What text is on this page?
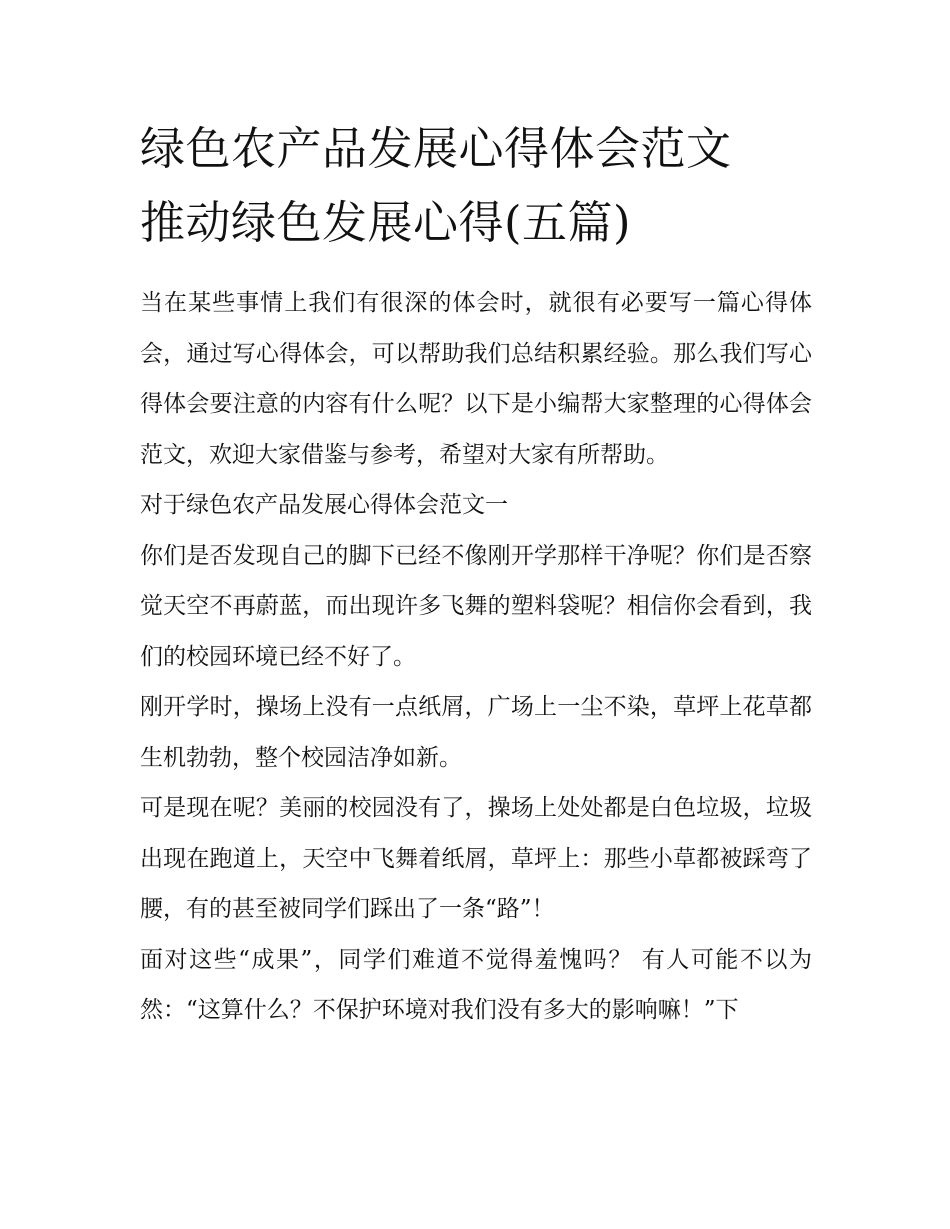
绿色农产品发展心得体会范文
推动绿色发展心得(五篇)

当在某些事情上我们有很深的体会时，就很有必要写一篇心得体会，通过写心得体会，可以帮助我们总结积累经验。那么我们写心得体会要注意的内容有什么呢？以下是小编帮大家整理的心得体会范文，欢迎大家借鉴与参考，希望对大家有所帮助。

对于绿色农产品发展心得体会范文一

你们是否发现自己的脚下已经不像刚开学那样干净呢？你们是否察觉天空不再蔚蓝，而出现许多飞舞的塑料袋呢？相信你会看到，我们的校园环境已经不好了。

刚开学时，操场上没有一点纸屑，广场上一尘不染，草坪上花草都生机勃勃，整个校园洁净如新。

可是现在呢？美丽的校园没有了，操场上处处都是白色垃圾，垃圾出现在跑道上，天空中飞舞着纸屑，草坪上：那些小草都被踩弯了腰，有的甚至被同学们踩出了一条“路”！

面对这些“成果”，同学们难道不觉得羞愧吗？ 有人可能不以为然：“这算什么？不保护环境对我们没有多大的影响嘛！”下
